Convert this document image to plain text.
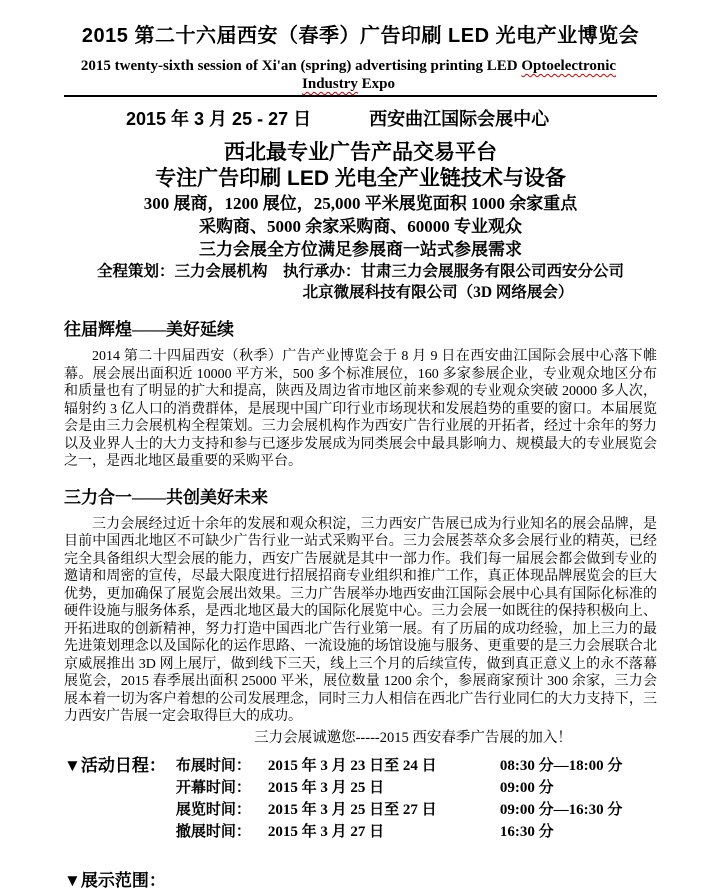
2015 第二十六届西安（春季）广告印刷 LED 光电产业博览会
2015 twenty-sixth session of Xi'an (spring) advertising printing LED Optoelectronic Industry Expo
2015 年 3 月 25 - 27 日	西安曲江国际会展中心
西北最专业广告产品交易平台
专注广告印刷 LED 光电全产业链技术与设备
300 展商，1200 展位，25,000 平米展览面积 1000 余家重点
采购商、5000 余家采购商、60000 专业观众
三力会展全方位满足参展商一站式参展需求
全程策划：三力会展机构　执行承办：甘肃三力会展服务有限公司西安分公司
北京微展科技有限公司（3D 网络展会）
往届辉煌——美好延续

2014 第二十四届西安（秋季）广告产业博览会于 8 月 9 日在西安曲江国际会展中心落下帷幕。展会展出面积近 10000 平方米，500 多个标准展位，160 多家参展企业，专业观众地区分布和质量也有了明显的扩大和提高，陕西及周边省市地区前来参观的专业观众突破 20000 多人次，辐射约 3 亿人口的消费群体，是展现中国广印行业市场现状和发展趋势的重要的窗口。本届展览会是由三力会展机构全程策划。三力会展机构作为西安广告行业展的开拓者，经过十余年的努力以及业界人士的大力支持和参与已逐步发展成为同类展会中最具影响力、规模最大的专业展览会之一，是西北地区最重要的采购平台。

三力合一——共创美好未来

三力会展经过近十余年的发展和观众积淀，三力西安广告展已成为行业知名的展会品牌，是目前中国西北地区不可缺少广告行业一站式采购平台。三力会展荟萃众多会展行业的精英，已经完全具备组织大型会展的能力，西安广告展就是其中一部力作。我们每一届展会都会做到专业的邀请和周密的宣传，尽最大限度进行招展招商专业组织和推广工作，真正体现品牌展览会的巨大优势，更加确保了展览会展出效果。三力广告展举办地西安曲江国际会展中心具有国际化标准的硬件设施与服务体系，是西北地区最大的国际化展览中心。三力会展一如既往的保持积极向上、开拓进取的创新精神，努力打造中国西北广告行业第一展。有了历届的成功经验，加上三力的最先进策划理念以及国际化的运作思路、一流设施的场馆设施与服务、更重要的是三力会展联合北京威展推出 3D 网上展厅，做到线下三天，线上三个月的后续宣传，做到真正意义上的永不落幕展览会，2015 春季展出面积 25000 平米，展位数量 1200 余个，参展商家预计 300 余家，三力会展本着一切为客户着想的公司发展理念，同时三力人相信在西北广告行业同仁的大力支持下，三力西安广告展一定会取得巨大的成功。

三力会展诚邀您-----2015 西安春季广告展的加入！
▼活动日程： 布展时间：	2015 年 3 月 23 日至 24 日	08:30 分—18:00 分
开幕时间：	2015 年 3 月 25 日	09:00 分
展览时间：	2015 年 3 月 25 日至 27 日	09:00 分—16:30 分
撤展时间：	2015 年 3 月 27 日	16:30 分
▼展示范围：
